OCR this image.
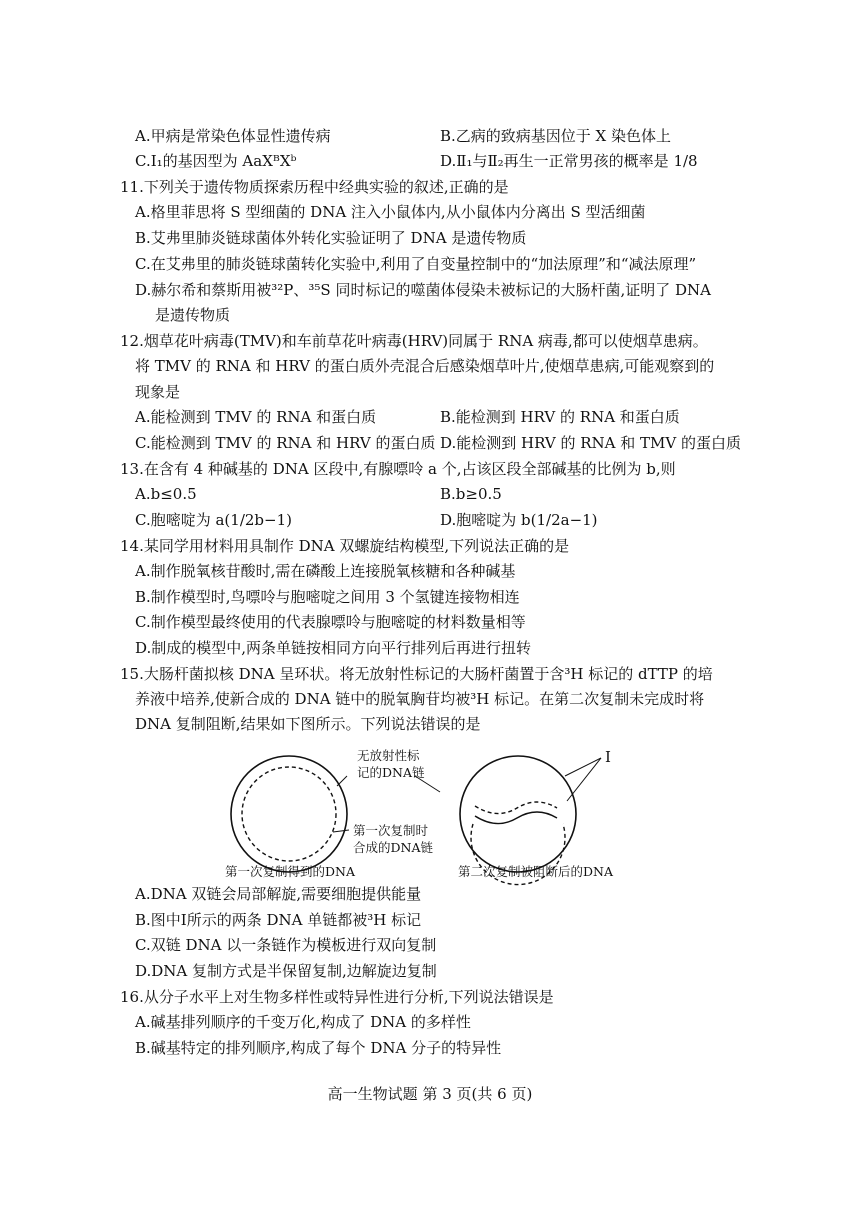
A.甲病是常染色体显性遗传病	B.乙病的致病基因位于 X 染色体上
C.Ⅰ₁的基因型为 AaXᴮXᵇ	D.Ⅱ₁与Ⅱ₂再生一正常男孩的概率是 1/8
11.下列关于遗传物质探索历程中经典实验的叙述,正确的是
A.格里菲思将 S 型细菌的 DNA 注入小鼠体内,从小鼠体内分离出 S 型活细菌
B.艾弗里肺炎链球菌体外转化实验证明了 DNA 是遗传物质
C.在艾弗里的肺炎链球菌转化实验中,利用了自变量控制中的“加法原理”和“减法原理”
D.赫尔希和蔡斯用被³²P、³⁵S 同时标记的噬菌体侵染未被标记的大肠杆菌,证明了 DNA
是遗传物质
12.烟草花叶病毒(TMV)和车前草花叶病毒(HRV)同属于 RNA 病毒,都可以使烟草患病。
将 TMV 的 RNA 和 HRV 的蛋白质外壳混合后感染烟草叶片,使烟草患病,可能观察到的
现象是
A.能检测到 TMV 的 RNA 和蛋白质	B.能检测到 HRV 的 RNA 和蛋白质
C.能检测到 TMV 的 RNA 和 HRV 的蛋白质 D.能检测到 HRV 的 RNA 和 TMV 的蛋白质
13.在含有 4 种碱基的 DNA 区段中,有腺嘌呤 a 个,占该区段全部碱基的比例为 b,则
A.b≤0.5	B.b≥0.5
C.胞嘧啶为 a(1/2b−1)	D.胞嘧啶为 b(1/2a−1)
14.某同学用材料用具制作 DNA 双螺旋结构模型,下列说法正确的是
A.制作脱氧核苷酸时,需在磷酸上连接脱氧核糖和各种碱基
B.制作模型时,鸟嘌呤与胞嘧啶之间用 3 个氢键连接物相连
C.制作模型最终使用的代表腺嘌呤与胞嘧啶的材料数量相等
D.制成的模型中,两条单链按相同方向平行排列后再进行扭转
15.大肠杆菌拟核 DNA 呈环状。将无放射性标记的大肠杆菌置于含³H 标记的 dTTP 的培
养液中培养,使新合成的 DNA 链中的脱氧胸苷均被³H 标记。在第二次复制未完成时将
DNA 复制阻断,结果如下图所示。下列说法错误的是
无放射性标
记的DNA链
第一次复制时
合成的DNA链
Ⅰ
第一次复制得到的DNA	第二次复制被阻断后的DNA
A.DNA 双链会局部解旋,需要细胞提供能量
B.图中Ⅰ所示的两条 DNA 单链都被³H 标记
C.双链 DNA 以一条链作为模板进行双向复制
D.DNA 复制方式是半保留复制,边解旋边复制
16.从分子水平上对生物多样性或特异性进行分析,下列说法错误是
A.碱基排列顺序的千变万化,构成了 DNA 的多样性
B.碱基特定的排列顺序,构成了每个 DNA 分子的特异性
高一生物试题 第 3 页(共 6 页)
